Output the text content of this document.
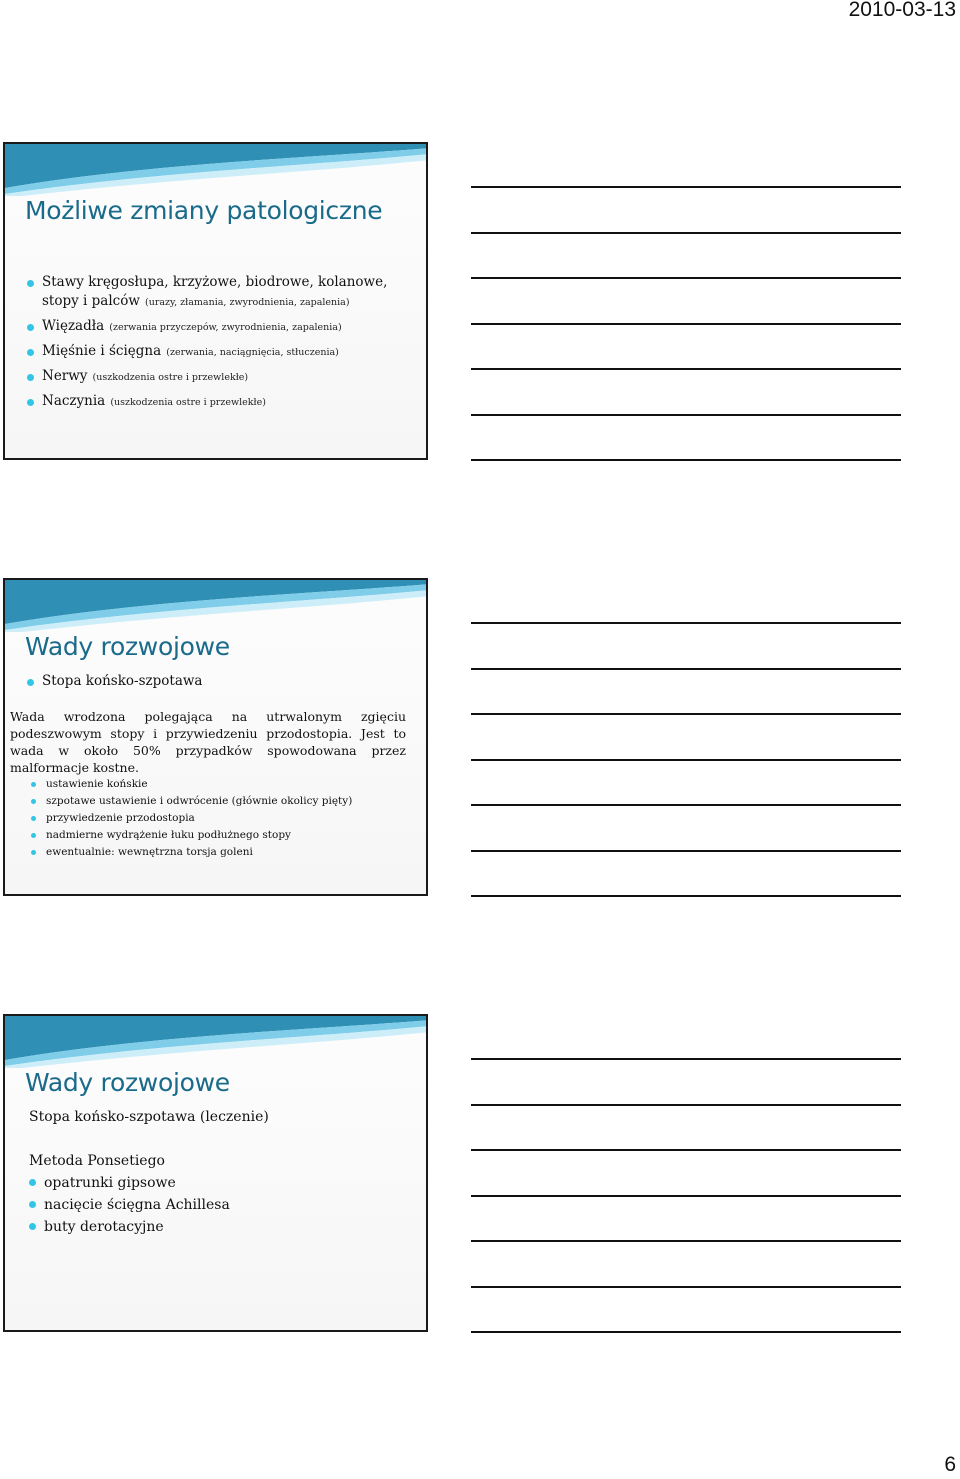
2010-03-13
Możliwe zmiany patologiczne
Stawy kręgosłupa, krzyżowe, biodrowe, kolanowe,
stopy i palców (urazy, złamania, zwyrodnienia, zapalenia)
Więzadła (zerwania przyczepów, zwyrodnienia, zapalenia)
Mięśnie i ścięgna (zerwania, naciągnięcia, stłuczenia)
Nerwy (uszkodzenia ostre i przewlekłe)
Naczynia (uszkodzenia ostre i przewlekłe)
Wady rozwojowe
Stopa końsko-szpotawa

Wada wrodzona polegająca na utrwalonym zgięciu podeszwowym stopy i przywiedzeniu przodostopia. Jest to wada w około 50% przypadków spowodowana przez malformacje kostne.

ustawienie końskie
szpotawe ustawienie i odwrócenie (głównie okolicy pięty)
przywiedzenie przodostopia
nadmierne wydrążenie łuku podłużnego stopy
ewentualnie: wewnętrzna torsja goleni
Wady rozwojowe

Stopa końsko-szpotawa (leczenie)

Metoda Ponsetiego

opatrunki gipsowe
nacięcie ścięgna Achillesa
buty derotacyjne
6
